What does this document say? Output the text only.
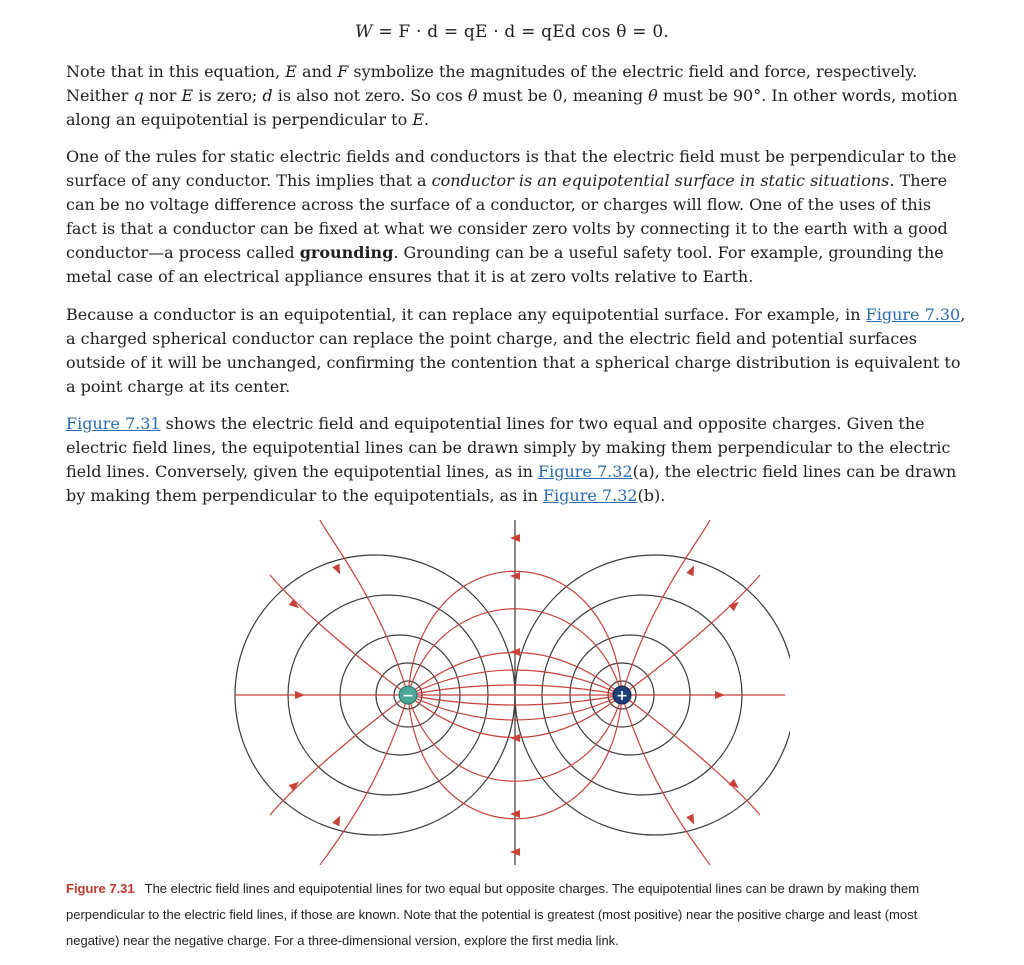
W = F · d = qE · d = qEd cos θ = 0.

Note that in this equation, E and F symbolize the magnitudes of the electric field and force, respectively. Neither q nor E is zero; d is also not zero. So cos θ must be 0, meaning θ must be 90°. In other words, motion along an equipotential is perpendicular to E.

One of the rules for static electric fields and conductors is that the electric field must be perpendicular to the surface of any conductor. This implies that a conductor is an equipotential surface in static situations. There can be no voltage difference across the surface of a conductor, or charges will flow. One of the uses of this fact is that a conductor can be fixed at what we consider zero volts by connecting it to the earth with a good conductor—a process called grounding. Grounding can be a useful safety tool. For example, grounding the metal case of an electrical appliance ensures that it is at zero volts relative to Earth.

Because a conductor is an equipotential, it can replace any equipotential surface. For example, in Figure 7.30, a charged spherical conductor can replace the point charge, and the electric field and potential surfaces outside of it will be unchanged, confirming the contention that a spherical charge distribution is equivalent to a point charge at its center.

Figure 7.31 shows the electric field and equipotential lines for two equal and opposite charges. Given the electric field lines, the equipotential lines can be drawn simply by making them perpendicular to the electric field lines. Conversely, given the equipotential lines, as in Figure 7.32(a), the electric field lines can be drawn by making them perpendicular to the equipotentials, as in Figure 7.32(b).

−	+
Figure 7.31 The electric field lines and equipotential lines for two equal but opposite charges. The equipotential lines can be drawn by making them perpendicular to the electric field lines, if those are known. Note that the potential is greatest (most positive) near the positive charge and least (most negative) near the negative charge. For a three-dimensional version, explore the first media link.
